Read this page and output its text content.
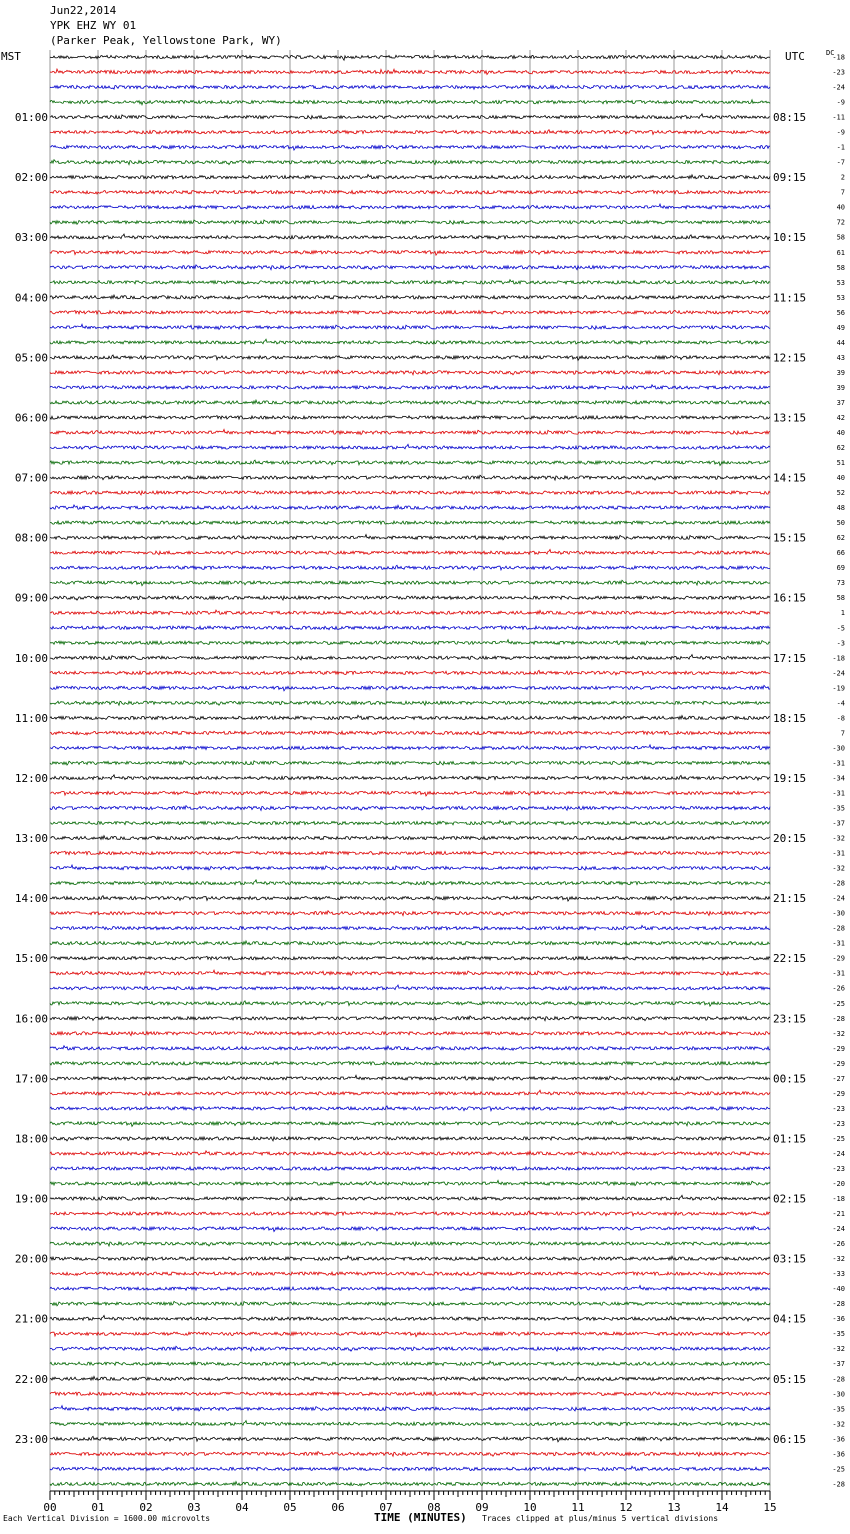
Jun22,2014
YPK EHZ WY 01
(Parker Peak, Yellowstone Park, WY)
MST	UTC	DC
00	01	02	03	04	05	06	07	08	09	10	11	12	13	14	15
-18
-23
-24
-9
-11
01:00	08:15
-9
-1
-7
2
02:00	09:15
7
40
72
58
03:00	10:15
61
58
53
53
04:00	11:15
56
49
44
43
05:00	12:15
39
39
37
42
06:00	13:15
40
62
51
40
07:00	14:15
52
48
50
62
08:00	15:15
66
69
73
58
09:00	16:15
1
-5
-3
-18
10:00	17:15
-24
-19
-4
-8
11:00	18:15
7
-30
-31
-34
12:00	19:15
-31
-35
-37
-32
13:00	20:15
-31
-32
-28
-24
14:00	21:15
-30
-28
-31
-29
15:00	22:15
-31
-26
-25
-28
16:00	23:15
-32
-29
-29
-27
17:00	00:15
-29
-23
-23
-25
18:00	01:15
-24
-23
-20
-18
19:00	02:15
-21
-24
-26
-32
20:00	03:15
-33
-40
-28
-36
21:00	04:15
-35
-32
-37
-28
22:00	05:15
-30
-35
-32
-36
23:00	06:15
-36
-25
-28
Each Vertical Division = 1600.00 microvolts	TIME (MINUTES) Traces clipped at plus/minus 5 vertical divisions
